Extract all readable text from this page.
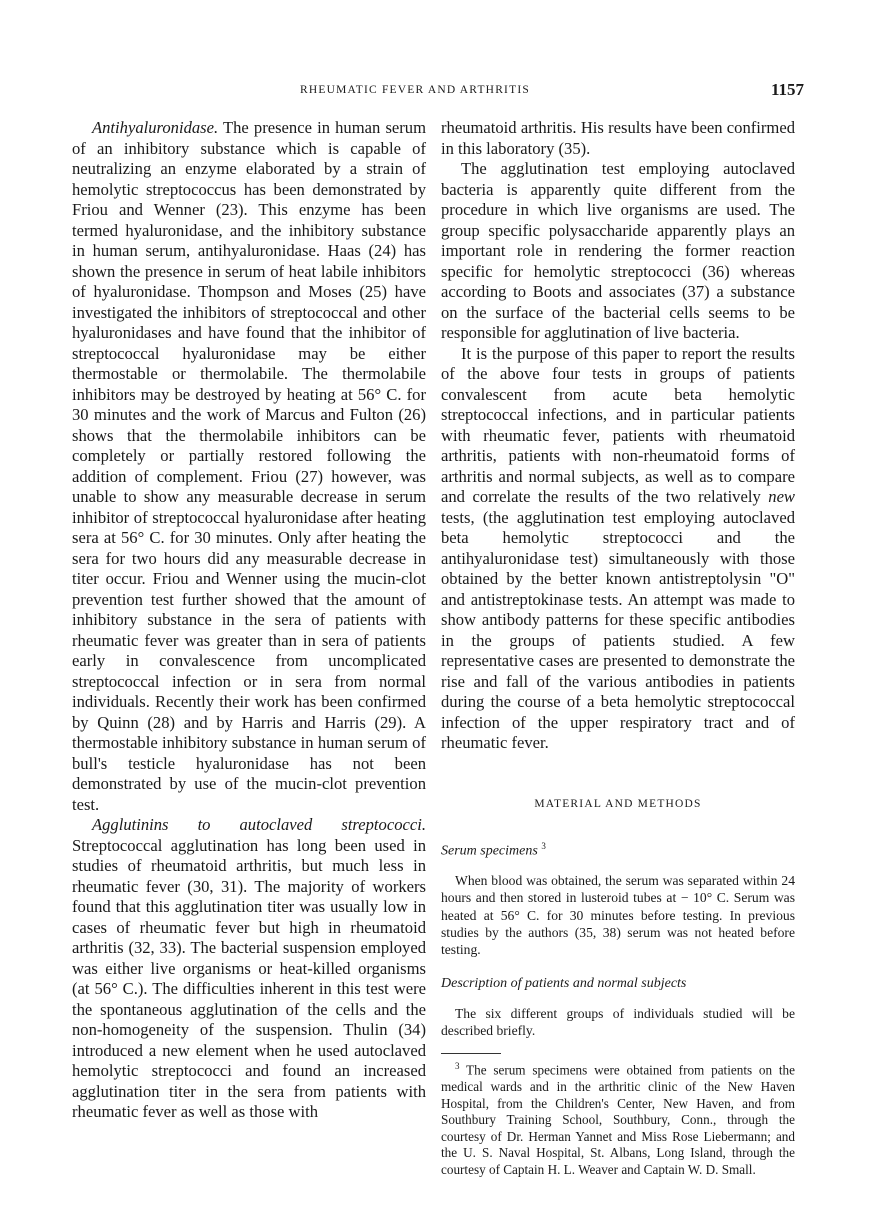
RHEUMATIC FEVER AND ARTHRITIS	1157

Antihyaluronidase. The presence in human serum of an inhibitory substance which is capable of neutralizing an enzyme elaborated by a strain of hemolytic streptococcus has been demonstrated by Friou and Wenner (23). This enzyme has been termed hyaluronidase, and the inhibitory substance in human serum, antihyaluronidase. Haas (24) has shown the presence in serum of heat labile inhibitors of hyaluronidase. Thompson and Moses (25) have investigated the inhibitors of streptococcal and other hyaluronidases and have found that the inhibitor of streptococcal hyaluronidase may be either thermostable or thermolabile. The thermolabile inhibitors may be destroyed by heating at 56° C. for 30 minutes and the work of Marcus and Fulton (26) shows that the thermolabile inhibitors can be completely or partially restored following the addition of complement. Friou (27) however, was unable to show any measurable decrease in serum inhibitor of streptococcal hyaluronidase after heating sera at 56° C. for 30 minutes. Only after heating the sera for two hours did any measurable decrease in titer occur. Friou and Wenner using the mucin-clot prevention test further showed that the amount of inhibitory substance in the sera of patients with rheumatic fever was greater than in sera of patients early in convalescence from uncomplicated streptococcal infection or in sera from normal individuals. Recently their work has been confirmed by Quinn (28) and by Harris and Harris (29). A thermostable inhibitory substance in human serum of bull's testicle hyaluronidase has not been demonstrated by use of the mucin-clot prevention test.

Agglutinins to autoclaved streptococci. Streptococcal agglutination has long been used in studies of rheumatoid arthritis, but much less in rheumatic fever (30, 31). The majority of workers found that this agglutination titer was usually low in cases of rheumatic fever but high in rheumatoid arthritis (32, 33). The bacterial suspension employed was either live organisms or heat-killed organisms (at 56° C.). The difficulties inherent in this test were the spontaneous agglutination of the cells and the non-homogeneity of the suspension. Thulin (34) introduced a new element when he used autoclaved hemolytic streptococci and found an increased agglutination titer in the sera from patients with rheumatic fever as well as those with

rheumatoid arthritis. His results have been confirmed in this laboratory (35).

The agglutination test employing autoclaved bacteria is apparently quite different from the procedure in which live organisms are used. The group specific polysaccharide apparently plays an important role in rendering the former reaction specific for hemolytic streptococci (36) whereas according to Boots and associates (37) a substance on the surface of the bacterial cells seems to be responsible for agglutination of live bacteria.

It is the purpose of this paper to report the results of the above four tests in groups of patients convalescent from acute beta hemolytic streptococcal infections, and in particular patients with rheumatic fever, patients with rheumatoid arthritis, patients with non-rheumatoid forms of arthritis and normal subjects, as well as to compare and correlate the results of the two relatively new tests, (the agglutination test employing autoclaved beta hemolytic streptococci and the antihyaluronidase test) simultaneously with those obtained by the better known antistreptolysin "O" and antistreptokinase tests. An attempt was made to show antibody patterns for these specific antibodies in the groups of patients studied. A few representative cases are presented to demonstrate the rise and fall of the various antibodies in patients during the course of a beta hemolytic streptococcal infection of the upper respiratory tract and of rheumatic fever.

MATERIAL AND METHODS
Serum specimens $^3$

When blood was obtained, the serum was separated within 24 hours and then stored in lusteroid tubes at − 10° C. Serum was heated at 56° C. for 30 minutes before testing. In previous studies by the authors (35, 38) serum was not heated before testing.

Description of patients and normal subjects

The six different groups of individuals studied will be described briefly.

$^3$ The serum specimens were obtained from patients on the medical wards and in the arthritic clinic of the New Haven Hospital, from the Children's Center, New Haven, and from Southbury Training School, Southbury, Conn., through the courtesy of Dr. Herman Yannet and Miss Rose Liebermann; and the U. S. Naval Hospital, St. Albans, Long Island, through the courtesy of Captain H. L. Weaver and Captain W. D. Small.
